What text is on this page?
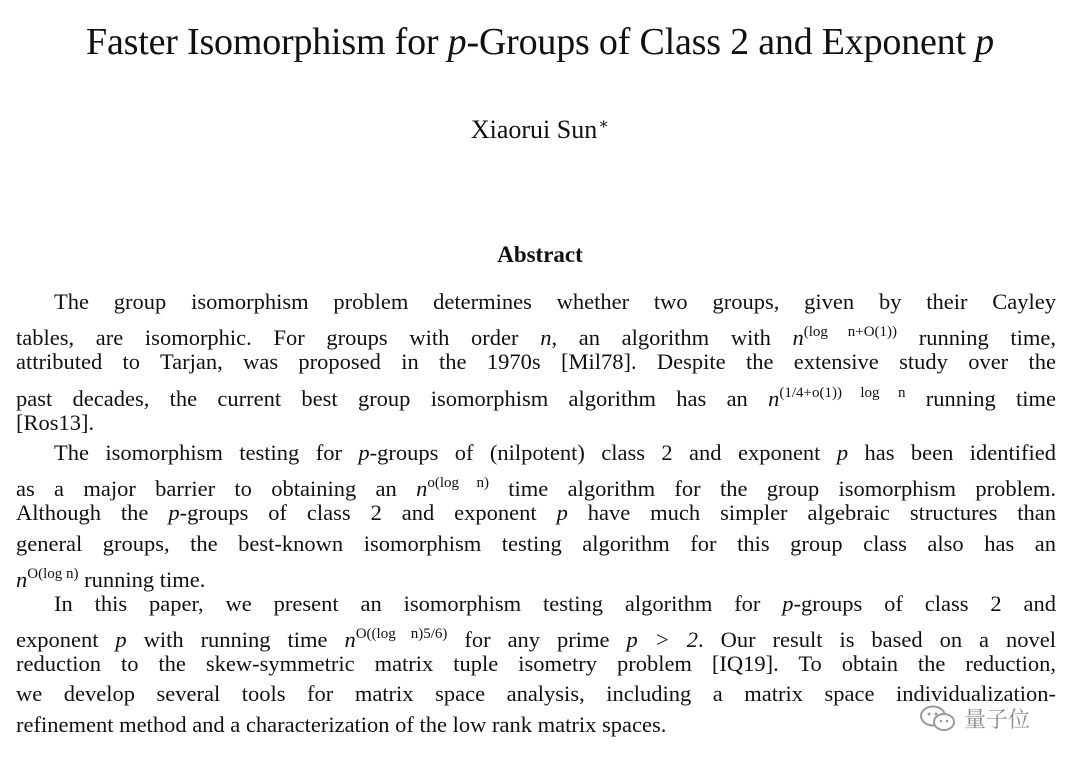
Faster Isomorphism for p-Groups of Class 2 and Exponent p
Xiaorui Sun∗
Abstract
The group isomorphism problem determines whether two groups, given by their Cayley
tables, are isomorphic. For groups with order n, an algorithm with $n^{(log n+O(1))}$ running time,
attributed to Tarjan, was proposed in the 1970s [Mil78]. Despite the extensive study over the
past decades, the current best group isomorphism algorithm has an $n^{(1/4+o(1)) log n}$ running time
[Ros13].
The isomorphism testing for p-groups of (nilpotent) class 2 and exponent p has been identified
as a major barrier to obtaining an $n^{o(log n)}$ time algorithm for the group isomorphism problem.
Although the p-groups of class 2 and exponent p have much simpler algebraic structures than
general groups, the best-known isomorphism testing algorithm for this group class also has an
$n^{O(log n)}$ running time.
In this paper, we present an isomorphism testing algorithm for p-groups of class 2 and
exponent p with running time $n^{O((log n)5/6)}$ for any prime p > 2. Our result is based on a novel
reduction to the skew-symmetric matrix tuple isometry problem [IQ19]. To obtain the reduction,
we develop several tools for matrix space analysis, including a matrix space individualization-
refinement method and a characterization of the low rank matrix spaces.	量子位
